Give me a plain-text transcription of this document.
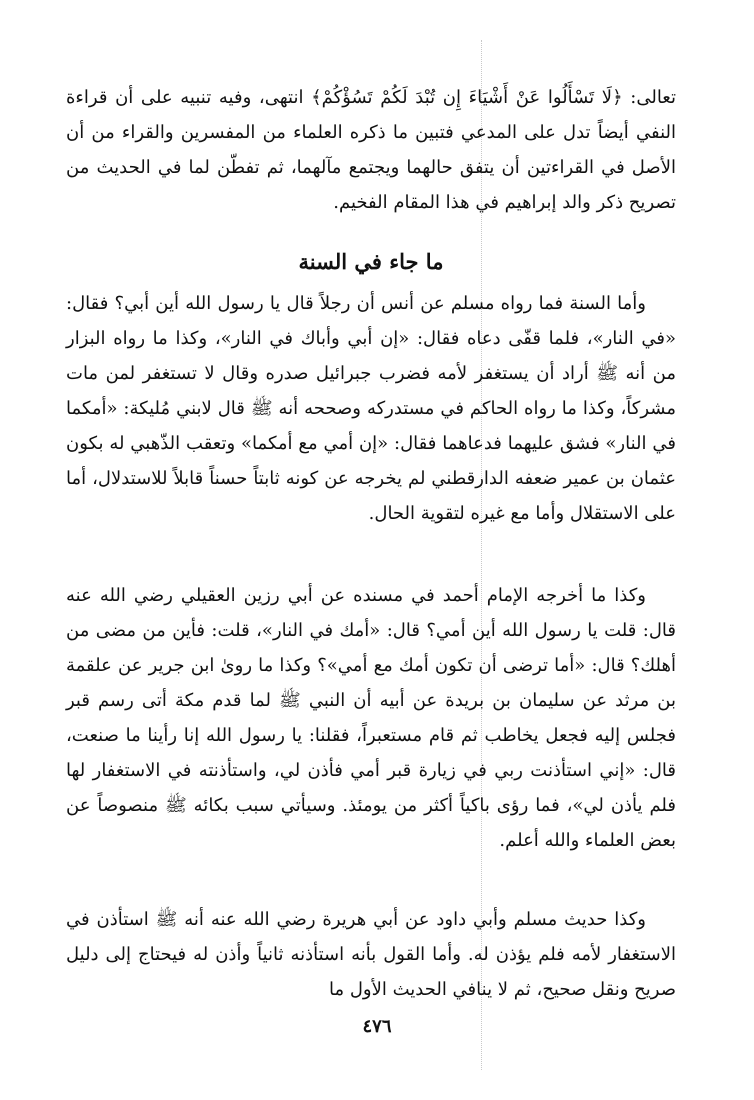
تعالى: ﴿لَا تَسْأَلُوا عَنْ أَشْيَاءَ إِن تُبْدَ لَكُمْ تَسُؤْكُمْ﴾ انتهى، وفيه تنبيه على أن قراءة النفي أيضاً تدل على المدعي فتبين ما ذكره العلماء من المفسرين والقراء من أن الأصل في القراءتين أن يتفق حالهما ويجتمع مآلهما، ثم تفطّن لما في الحديث من تصريح ذكر والد إبراهيم في هذا المقام الفخيم.

ما جاء في السنة

وأما السنة فما رواه مسلم عن أنس أن رجلاً قال يا رسول الله أين أبي؟ فقال: «في النار»، فلما قفّى دعاه فقال: «إن أبي وأباك في النار»، وكذا ما رواه البزار من أنه ﷺ أراد أن يستغفر لأمه فضرب جبرائيل صدره وقال لا تستغفر لمن مات مشركاً، وكذا ما رواه الحاكم في مستدركه وصححه أنه ﷺ قال لابني مُليكة: «أمكما في النار» فشق عليهما فدعاهما فقال: «إن أمي مع أمكما» وتعقب الذّهبي له بكون عثمان بن عمير ضعفه الدارقطني لم يخرجه عن كونه ثابتاً حسناً قابلاً للاستدلال، أما على الاستقلال وأما مع غيره لتقوية الحال.

وكذا ما أخرجه الإمام أحمد في مسنده عن أبي رزين العقيلي رضي الله عنه قال: قلت يا رسول الله أين أمي؟ قال: «أمك في النار»، قلت: فأين من مضى من أهلك؟ قال: «أما ترضى أن تكون أمك مع أمي»؟ وكذا ما روىٰ ابن جرير عن علقمة بن مرثد عن سليمان بن بريدة عن أبيه أن النبي ﷺ لما قدم مكة أتى رسم قبر فجلس إليه فجعل يخاطب ثم قام مستعبراً، فقلنا: يا رسول الله إنا رأينا ما صنعت، قال: «إني استأذنت ربي في زيارة قبر أمي فأذن لي، واستأذنته في الاستغفار لها فلم يأذن لي»، فما رؤى باكياً أكثر من يومئذ. وسيأتي سبب بكائه ﷺ منصوصاً عن بعض العلماء والله أعلم.

وكذا حديث مسلم وأبي داود عن أبي هريرة رضي الله عنه أنه ﷺ استأذن في الاستغفار لأمه فلم يؤذن له. وأما القول بأنه استأذنه ثانياً وأذن له فيحتاج إلى دليل صريح ونقل صحيح، ثم لا ينافي الحديث الأول ما

٤٧٦
